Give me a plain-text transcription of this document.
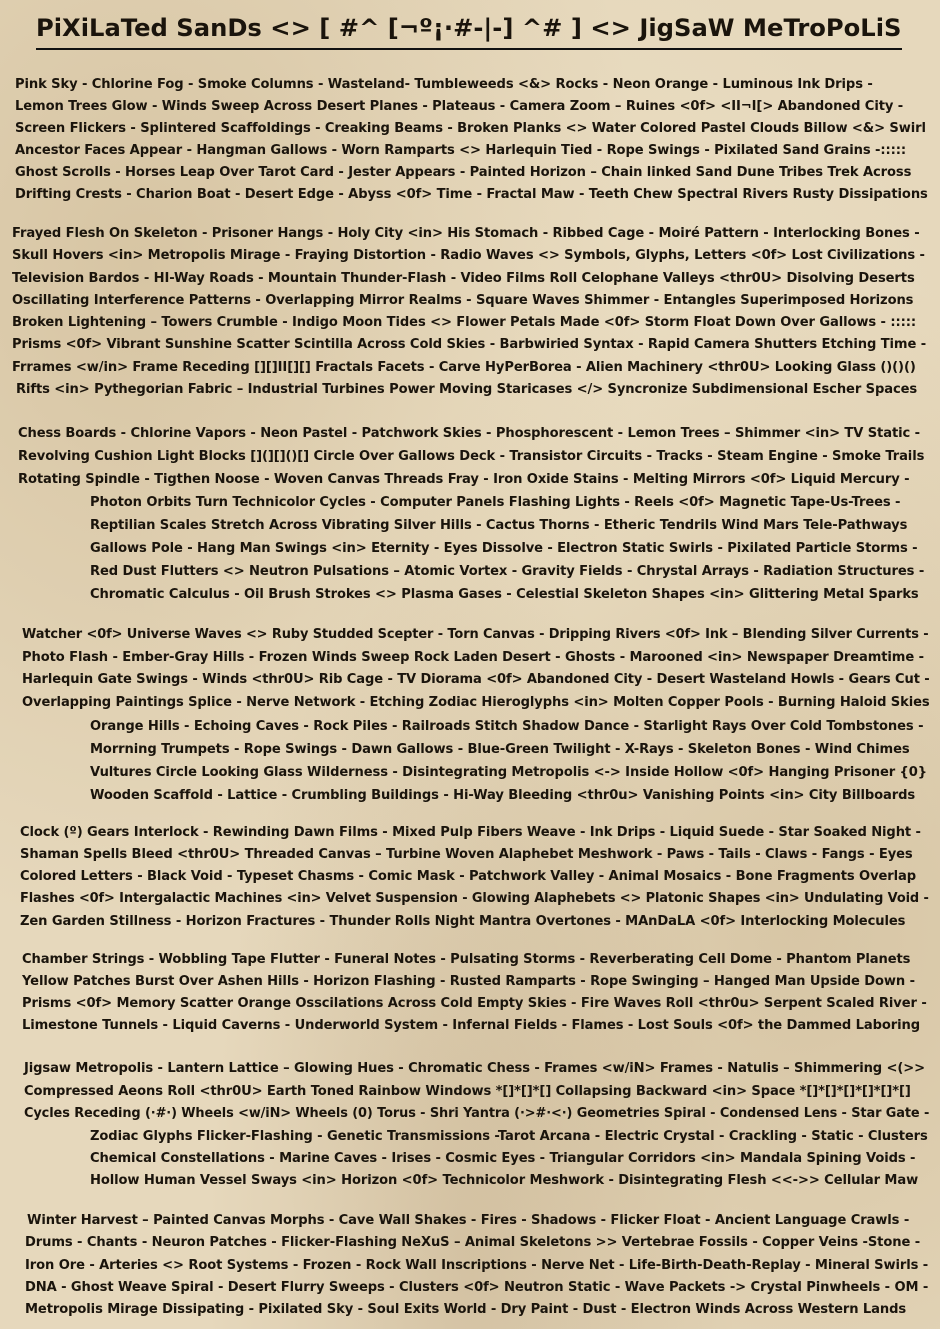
PiXiLaTed SanDs <> [ #^ [¬º¡·#-|-] ^# ] <> JigSaW MeTroPoLiS
Pink Sky - Chlorine Fog - Smoke Columns - Wasteland- Tumbleweeds <&> Rocks - Neon Orange - Luminous Ink Drips -
Lemon Trees Glow - Winds Sweep Across Desert Planes - Plateaus - Camera Zoom – Ruines <0f> <II¬I[> Abandoned City -
Screen Flickers - Splintered Scaffoldings - Creaking Beams - Broken Planks <> Water Colored Pastel Clouds Billow <&> Swirl
Ancestor Faces Appear - Hangman Gallows - Worn Ramparts <> Harlequin Tied - Rope Swings - Pixilated Sand Grains -:::::
Ghost Scrolls - Horses Leap Over Tarot Card - Jester Appears - Painted Horizon – Chain linked Sand Dune Tribes Trek Across
Drifting Crests - Charion Boat - Desert Edge - Abyss <0f> Time - Fractal Maw - Teeth Chew Spectral Rivers Rusty Dissipations
Frayed Flesh On Skeleton - Prisoner Hangs - Holy City <in> His Stomach - Ribbed Cage - Moiré Pattern - Interlocking Bones -
Skull Hovers <in> Metropolis Mirage - Fraying Distortion - Radio Waves <> Symbols, Glyphs, Letters <0f> Lost Civilizations -
Television Bardos - HI-Way Roads - Mountain Thunder-Flash - Video Films Roll Celophane Valleys <thr0U> Disolving Deserts
Oscillating Interference Patterns - Overlapping Mirror Realms - Square Waves Shimmer - Entangles Superimposed Horizons
Broken Lightening – Towers Crumble - Indigo Moon Tides <> Flower Petals Made <0f> Storm Float Down Over Gallows - :::::
Prisms <0f> Vibrant Sunshine Scatter Scintilla Across Cold Skies - Barbwiried Syntax - Rapid Camera Shutters Etching Time -
Frrames <w/in> Frame Receding [][]II[][] Fractals Facets - Carve HyPerBorea - Alien Machinery <thr0U> Looking Glass ()()()
Rifts <in> Pythegorian Fabric – Industrial Turbines Power Moving Staricases </> Syncronize Subdimensional Escher Spaces
Chess Boards - Chlorine Vapors - Neon Pastel - Patchwork Skies - Phosphorescent - Lemon Trees – Shimmer <in> TV Static -
Revolving Cushion Light Blocks [](][]()[] Circle Over Gallows Deck - Transistor Circuits - Tracks - Steam Engine - Smoke Trails
Rotating Spindle - Tigthen Noose - Woven Canvas Threads Fray - Iron Oxide Stains - Melting Mirrors <0f> Liquid Mercury -
Photon Orbits Turn Technicolor Cycles - Computer Panels Flashing Lights - Reels <0f> Magnetic Tape-Us-Trees -
Reptilian Scales Stretch Across Vibrating Silver Hills - Cactus Thorns - Etheric Tendrils Wind Mars Tele-Pathways
Gallows Pole - Hang Man Swings <in> Eternity - Eyes Dissolve - Electron Static Swirls - Pixilated Particle Storms -
Red Dust Flutters <> Neutron Pulsations – Atomic Vortex - Gravity Fields - Chrystal Arrays - Radiation Structures -
Chromatic Calculus - Oil Brush Strokes <> Plasma Gases - Celestial Skeleton Shapes <in> Glittering Metal Sparks
Watcher <0f> Universe Waves <> Ruby Studded Scepter - Torn Canvas - Dripping Rivers <0f> Ink – Blending Silver Currents -
Photo Flash - Ember-Gray Hills - Frozen Winds Sweep Rock Laden Desert - Ghosts - Marooned <in> Newspaper Dreamtime -
Harlequin Gate Swings - Winds <thr0U> Rib Cage - TV Diorama <0f> Abandoned City - Desert Wasteland Howls - Gears Cut -
Overlapping Paintings Splice - Nerve Network - Etching Zodiac Hieroglyphs <in> Molten Copper Pools - Burning Haloid Skies
Orange Hills - Echoing Caves - Rock Piles - Railroads Stitch Shadow Dance - Starlight Rays Over Cold Tombstones -
Morrning Trumpets - Rope Swings - Dawn Gallows - Blue-Green Twilight - X-Rays - Skeleton Bones - Wind Chimes
Vultures Circle Looking Glass Wilderness - Disintegrating Metropolis <-> Inside Hollow <0f> Hanging Prisoner {0}
Wooden Scaffold - Lattice - Crumbling Buildings - Hi-Way Bleeding <thr0u> Vanishing Points <in> City Billboards
Clock (º) Gears Interlock - Rewinding Dawn Films - Mixed Pulp Fibers Weave - Ink Drips - Liquid Suede - Star Soaked Night -
Shaman Spells Bleed <thr0U> Threaded Canvas – Turbine Woven Alaphebet Meshwork - Paws - Tails - Claws - Fangs - Eyes
Colored Letters - Black Void - Typeset Chasms - Comic Mask - Patchwork Valley - Animal Mosaics - Bone Fragments Overlap
Flashes <0f> Intergalactic Machines <in> Velvet Suspension - Glowing Alaphebets <> Platonic Shapes <in> Undulating Void -
Zen Garden Stillness - Horizon Fractures - Thunder Rolls Night Mantra Overtones - MAnDaLA <0f> Interlocking Molecules
Chamber Strings - Wobbling Tape Flutter - Funeral Notes - Pulsating Storms - Reverberating Cell Dome - Phantom Planets
Yellow Patches Burst Over Ashen Hills - Horizon Flashing - Rusted Ramparts - Rope Swinging – Hanged Man Upside Down -
Prisms <0f> Memory Scatter Orange Osscilations Across Cold Empty Skies - Fire Waves Roll <thr0u> Serpent Scaled River -
Limestone Tunnels - Liquid Caverns - Underworld System - Infernal Fields - Flames - Lost Souls <0f> the Dammed Laboring
Jigsaw Metropolis - Lantern Lattice – Glowing Hues - Chromatic Chess - Frames <w/iN> Frames - Natulis – Shimmering <(>>
Compressed Aeons Roll <thr0U> Earth Toned Rainbow Windows *[]*[]*[] Collapsing Backward <in> Space *[]*[]*[]*[]*[]*[]
Cycles Receding (·#·) Wheels <w/iN> Wheels (0) Torus - Shri Yantra (·>#·<·) Geometries Spiral - Condensed Lens - Star Gate -
Zodiac Glyphs Flicker-Flashing - Genetic Transmissions -Tarot Arcana - Electric Crystal - Crackling - Static - Clusters
Chemical Constellations - Marine Caves - Irises - Cosmic Eyes - Triangular Corridors <in> Mandala Spining Voids -
Hollow Human Vessel Sways <in> Horizon <0f> Technicolor Meshwork - Disintegrating Flesh <<->> Cellular Maw
Winter Harvest – Painted Canvas Morphs - Cave Wall Shakes - Fires - Shadows - Flicker Float - Ancient Language Crawls -
Drums - Chants - Neuron Patches - Flicker-Flashing NeXuS – Animal Skeletons >> Vertebrae Fossils - Copper Veins -Stone -
Iron Ore - Arteries <> Root Systems - Frozen - Rock Wall Inscriptions - Nerve Net - Life-Birth-Death-Replay - Mineral Swirls -
DNA - Ghost Weave Spiral - Desert Flurry Sweeps - Clusters <0f> Neutron Static - Wave Packets -> Crystal Pinwheels - OM -
Metropolis Mirage Dissipating - Pixilated Sky - Soul Exits World - Dry Paint - Dust - Electron Winds Across Western Lands
